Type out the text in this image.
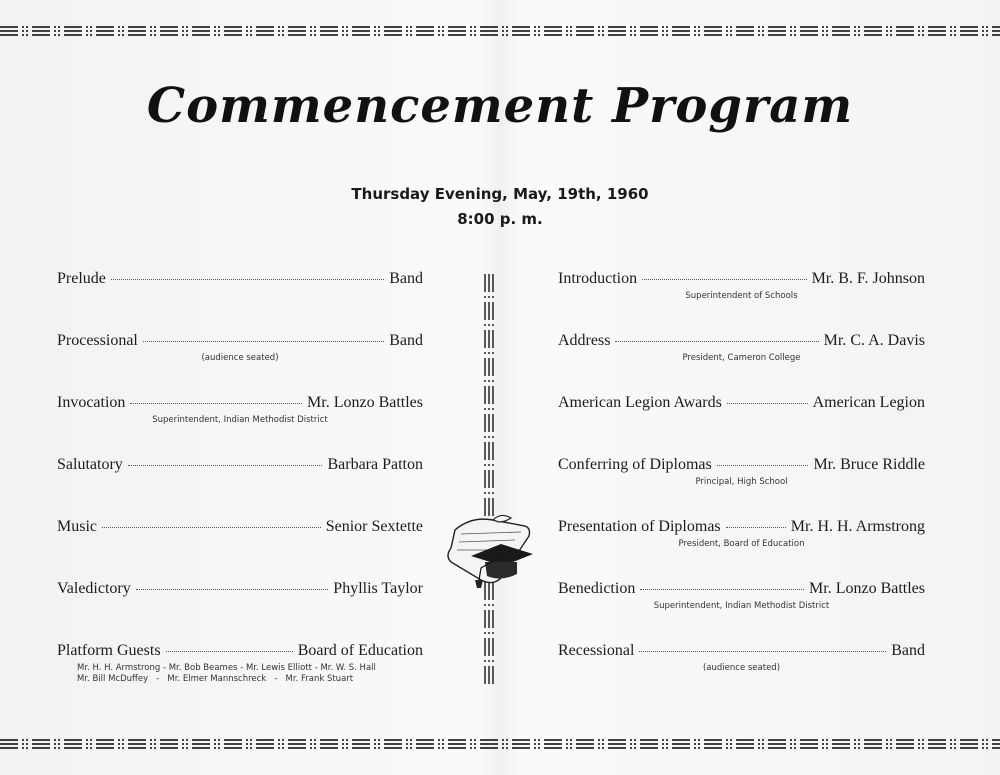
Commencement Program
Thursday Evening, May, 19th, 1960
8:00 p. m.
Prelude	Band
Processional	Band
(audience seated)
Invocation	Mr. Lonzo Battles
Superintendent, Indian Methodist District
Salutatory	Barbara Patton
Music	Senior Sextette
Valedictory	Phyllis Taylor
Platform Guests	Board of Education
Mr. H. H. Armstrong - Mr. Bob Beames - Mr. Lewis Elliott - Mr. W. S. Hall
Mr. Bill McDuffey   -   Mr. Elmer Mannschreck   -   Mr. Frank Stuart
Introduction	Mr. B. F. Johnson
Superintendent of Schools
Address	Mr. C. A. Davis
President, Cameron College
American Legion Awards	American Legion
Conferring of Diplomas	Mr. Bruce Riddle
Principal, High School
Presentation of Diplomas	Mr. H. H. Armstrong
President, Board of Education
Benediction	Mr. Lonzo Battles
Superintendent, Indian Methodist District
Recessional	Band
(audience seated)
